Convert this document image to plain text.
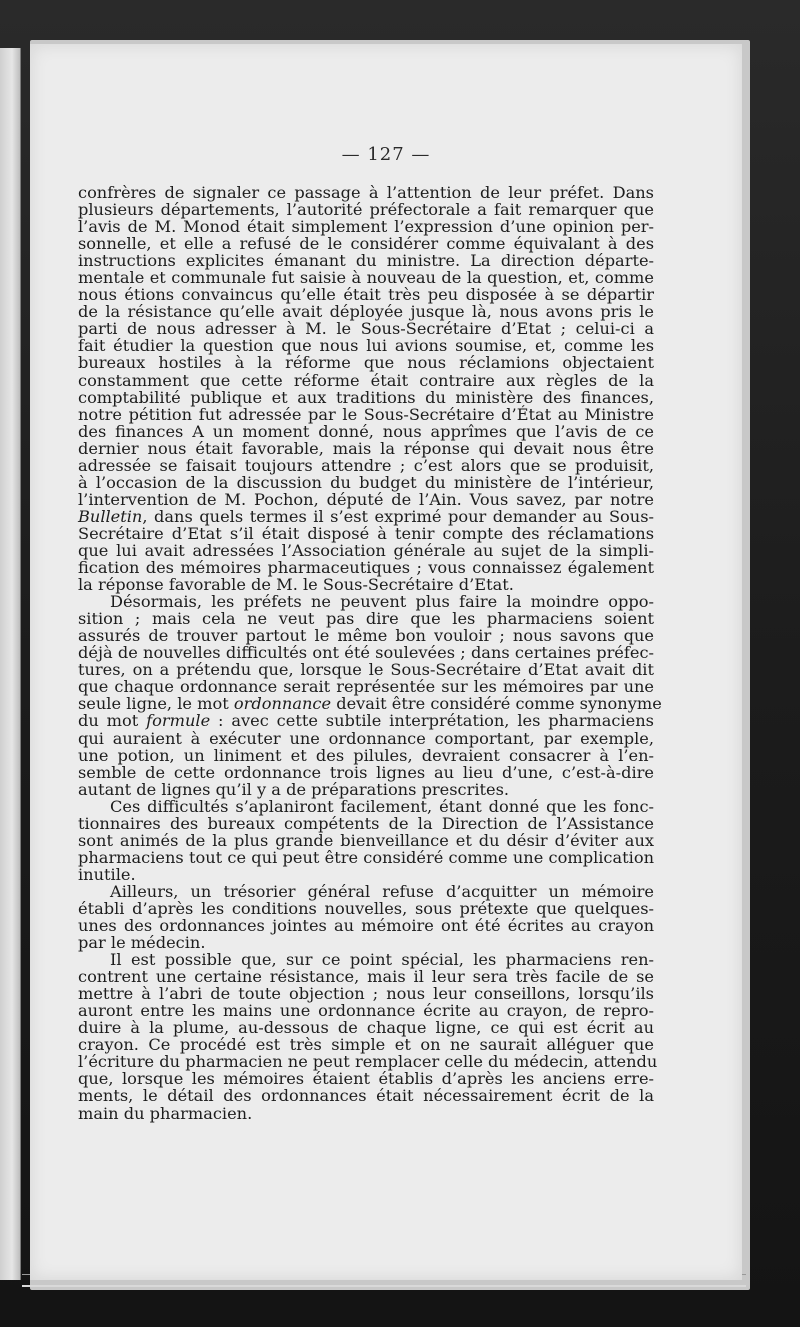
— 127 —

confrères de signaler ce passage à l’attention de leur préfet. Dans
plusieurs départements, l’autorité préfectorale a fait remarquer que
l’avis de M. Monod était simplement l’expression d’une opinion per-
sonnelle, et elle a refusé de le considérer comme équivalant à des
instructions explicites émanant du ministre. La direction départe-
mentale et communale fut saisie à nouveau de la question, et, comme
nous étions convaincus qu’elle était très peu disposée à se départir
de la résistance qu’elle avait déployée jusque là, nous avons pris le
parti de nous adresser à M. le Sous-Secrétaire d’Etat ; celui-ci a
fait étudier la question que nous lui avions soumise, et, comme les
bureaux hostiles à la réforme que nous réclamions objectaient
constamment que cette réforme était contraire aux règles de la
comptabilité publique et aux traditions du ministère des finances,
notre pétition fut adressée par le Sous-Secrétaire d’État au Ministre
des finances A un moment donné, nous apprîmes que l’avis de ce
dernier nous était favorable, mais la réponse qui devait nous être
adressée se faisait toujours attendre ; c’est alors que se produisit,
à l’occasion de la discussion du budget du ministère de l’intérieur,
l’intervention de M. Pochon, député de l’Ain. Vous savez, par notre
Bulletin, dans quels termes il s’est exprimé pour demander au Sous-
Secrétaire d’Etat s’il était disposé à tenir compte des réclamations
que lui avait adressées l’Association générale au sujet de la simpli-
fication des mémoires pharmaceutiques ; vous connaissez également
la réponse favorable de M. le Sous-Secrétaire d’Etat.

Désormais, les préfets ne peuvent plus faire la moindre oppo-
sition ; mais cela ne veut pas dire que les pharmaciens soient
assurés de trouver partout le même bon vouloir ; nous savons que
déjà de nouvelles difficultés ont été soulevées ; dans certaines préfec-
tures, on a prétendu que, lorsque le Sous-Secrétaire d’Etat avait dit
que chaque ordonnance serait représentée sur les mémoires par une
seule ligne, le mot ordonnance devait être considéré comme synonyme
du mot formule : avec cette subtile interprétation, les pharmaciens
qui auraient à exécuter une ordonnance comportant, par exemple,
une potion, un liniment et des pilules, devraient consacrer à l’en-
semble de cette ordonnance trois lignes au lieu d’une, c’est-à-dire
autant de lignes qu’il y a de préparations prescrites.

Ces difficultés s’aplaniront facilement, étant donné que les fonc-
tionnaires des bureaux compétents de la Direction de l’Assistance
sont animés de la plus grande bienveillance et du désir d’éviter aux
pharmaciens tout ce qui peut être considéré comme une complication
inutile.

Ailleurs, un trésorier général refuse d’acquitter un mémoire
établi d’après les conditions nouvelles, sous prétexte que quelques-
unes des ordonnances jointes au mémoire ont été écrites au crayon
par le médecin.

Il est possible que, sur ce point spécial, les pharmaciens ren-
contrent une certaine résistance, mais il leur sera très facile de se
mettre à l’abri de toute objection ; nous leur conseillons, lorsqu’ils
auront entre les mains une ordonnance écrite au crayon, de repro-
duire à la plume, au-dessous de chaque ligne, ce qui est écrit au
crayon. Ce procédé est très simple et on ne saurait alléguer que
l’écriture du pharmacien ne peut remplacer celle du médecin, attendu
que, lorsque les mémoires étaient établis d’après les anciens erre-
ments, le détail des ordonnances était nécessairement écrit de la
main du pharmacien.
